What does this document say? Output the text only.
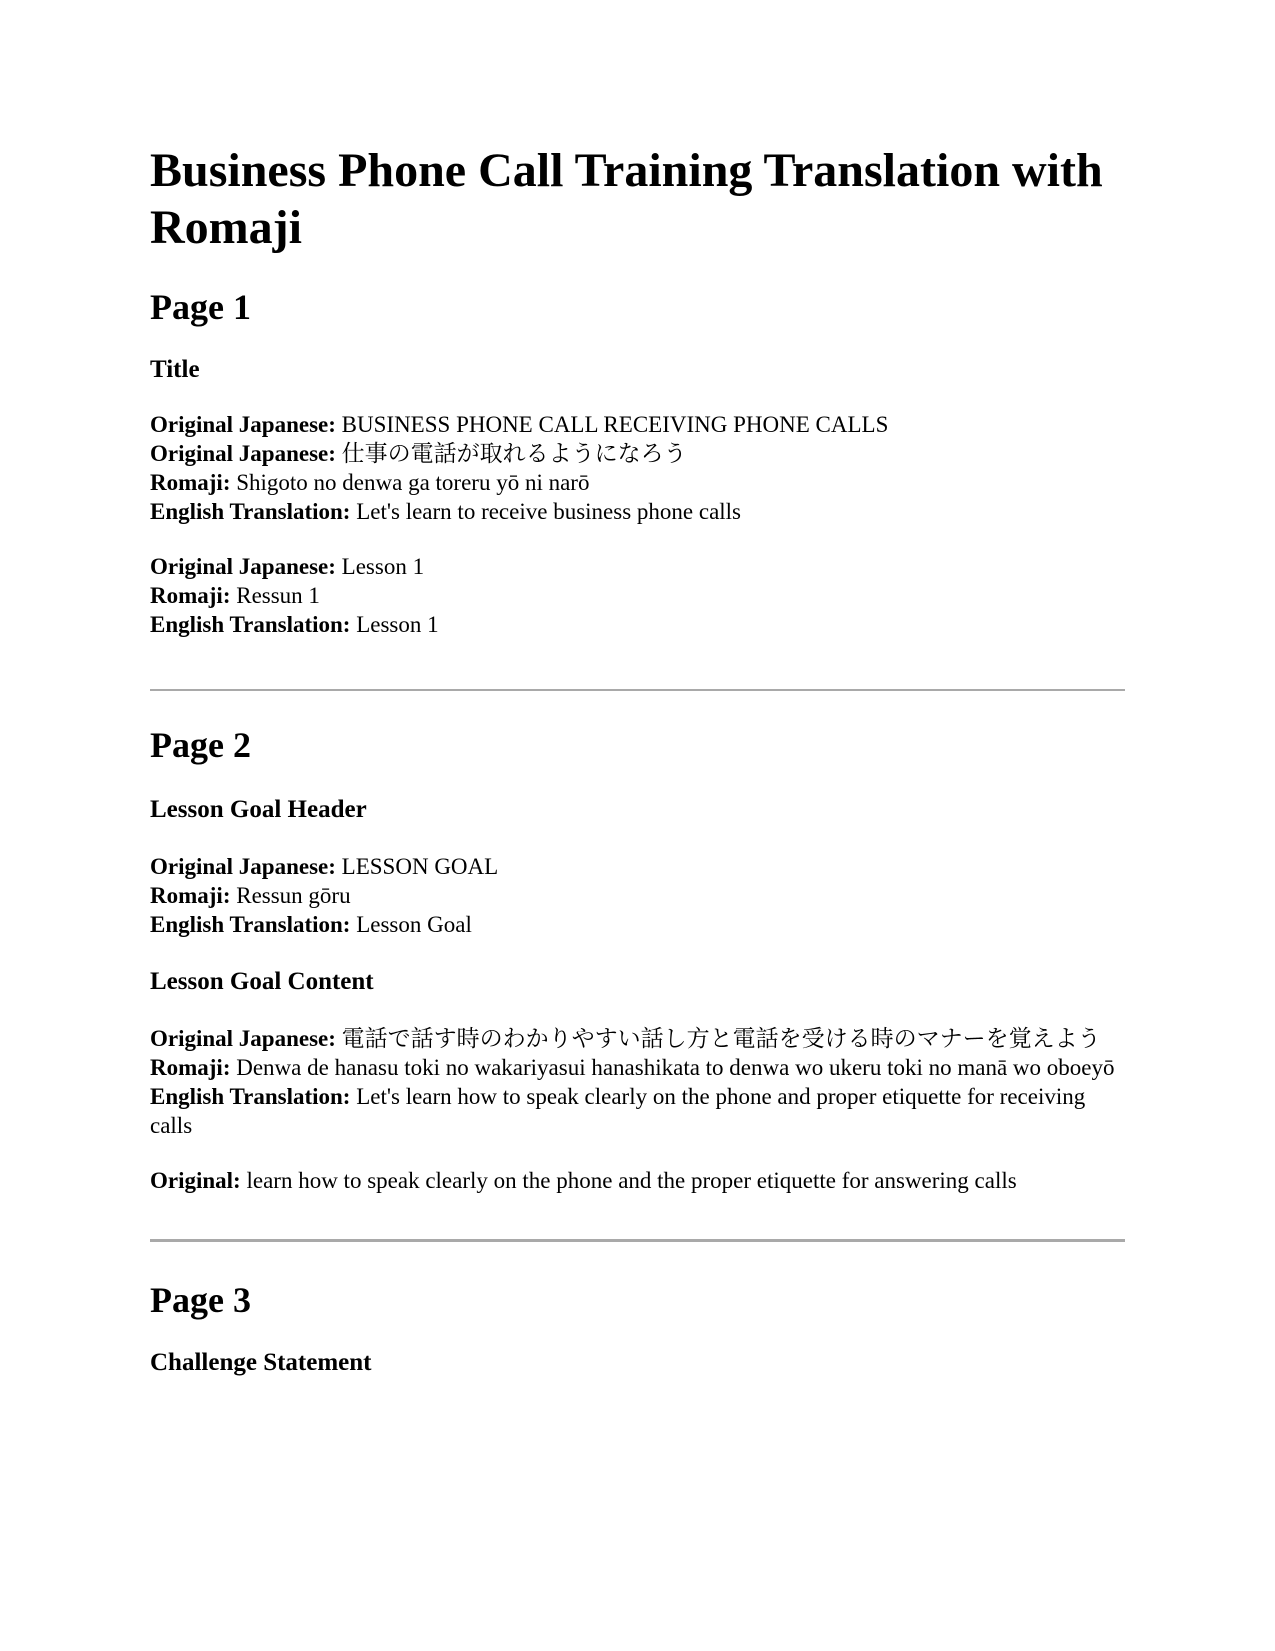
Business Phone Call Training Translation with Romaji
Page 1
Title

Original Japanese: BUSINESS PHONE CALL RECEIVING PHONE CALLS
Original Japanese: 仕事の電話が取れるようになろう
Romaji: Shigoto no denwa ga toreru yō ni narō
English Translation: Let's learn to receive business phone calls

Original Japanese: Lesson 1
Romaji: Ressun 1
English Translation: Lesson 1

Page 2
Lesson Goal Header

Original Japanese: LESSON GOAL
Romaji: Ressun gōru
English Translation: Lesson Goal

Lesson Goal Content

Original Japanese: 電話で話す時のわかりやすい話し方と電話を受ける時のマナーを覚えよう
Romaji: Denwa de hanasu toki no wakariyasui hanashikata to denwa wo ukeru toki no manā wo oboeyō
English Translation: Let's learn how to speak clearly on the phone and proper etiquette for receiving calls

Original: learn how to speak clearly on the phone and the proper etiquette for answering calls

Page 3
Challenge Statement
